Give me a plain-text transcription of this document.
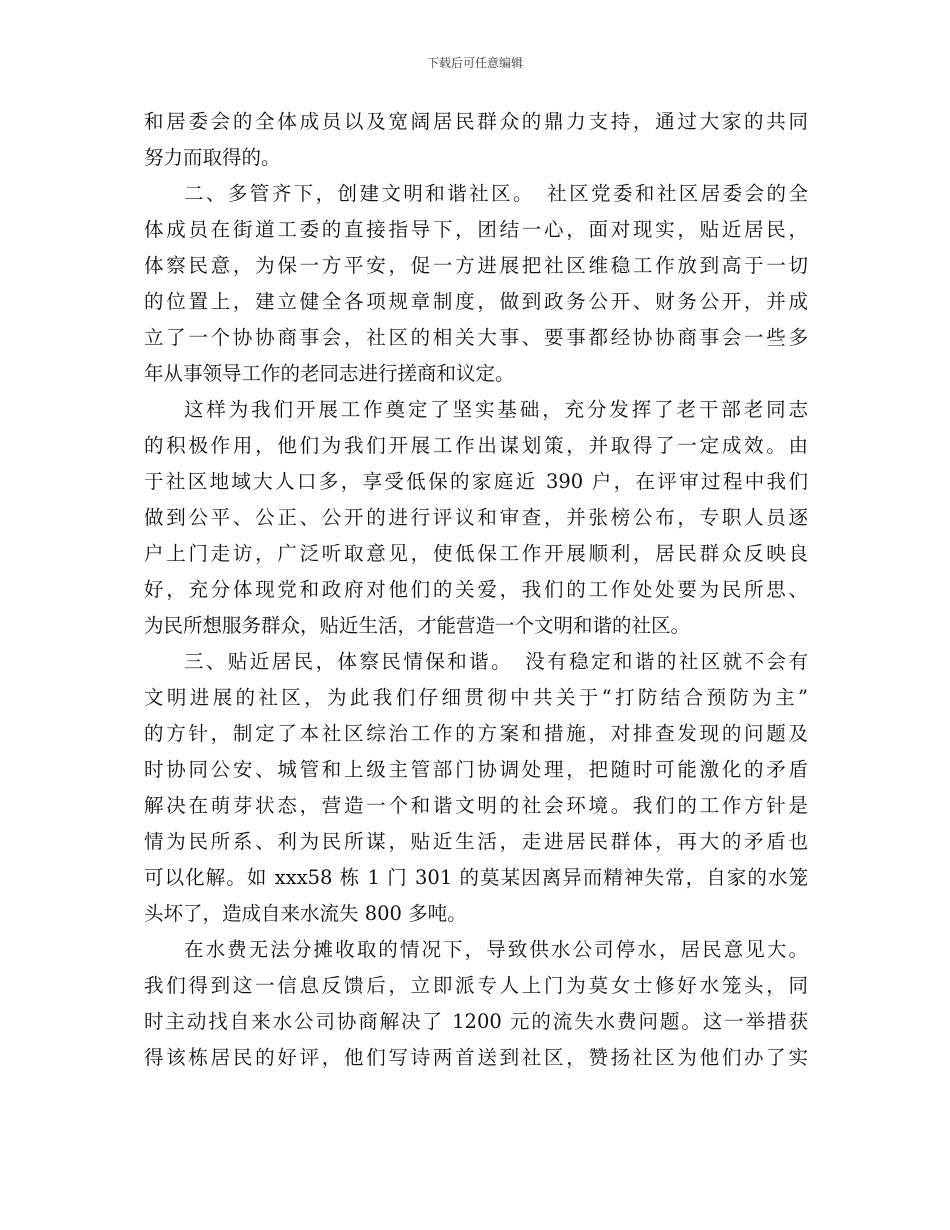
下载后可任意编辑
和居委会的全体成员以及宽阔居民群众的鼎力支持，通过大家的共同
努力而取得的。
二、多管齐下，创建文明和谐社区。　社区党委和社区居委会的全
体成员在街道工委的直接指导下，团结一心，面对现实，贴近居民，
体察民意，为保一方平安，促一方进展把社区维稳工作放到高于一切
的位置上，建立健全各项规章制度，做到政务公开、财务公开，并成
立了一个协协商事会，社区的相关大事、要事都经协协商事会一些多
年从事领导工作的老同志进行搓商和议定。
这样为我们开展工作奠定了坚实基础，充分发挥了老干部老同志
的积极作用，他们为我们开展工作出谋划策，并取得了一定成效。由
于社区地域大人口多，享受低保的家庭近 390 户，在评审过程中我们
做到公平、公正、公开的进行评议和审查，并张榜公布，专职人员逐
户上门走访，广泛听取意见，使低保工作开展顺利，居民群众反映良
好，充分体现党和政府对他们的关爱，我们的工作处处要为民所思、
为民所想服务群众，贴近生活，才能营造一个文明和谐的社区。
三、贴近居民，体察民情保和谐。　没有稳定和谐的社区就不会有
文明进展的社区，为此我们仔细贯彻中共关于“打防结合预防为主”
的方针，制定了本社区综治工作的方案和措施，对排查发现的问题及
时协同公安、城管和上级主管部门协调处理，把随时可能激化的矛盾
解决在萌芽状态，营造一个和谐文明的社会环境。我们的工作方针是
情为民所系、利为民所谋，贴近生活，走进居民群体，再大的矛盾也
可以化解。如 xxx58 栋 1 门 301 的莫某因离异而精神失常，自家的水笼
头坏了，造成自来水流失 800 多吨。
在水费无法分摊收取的情况下，导致供水公司停水，居民意见大。
我们得到这一信息反馈后，立即派专人上门为莫女士修好水笼头，同
时主动找自来水公司协商解决了 1200 元的流失水费问题。这一举措获
得该栋居民的好评，他们写诗两首送到社区，赞扬社区为他们办了实
